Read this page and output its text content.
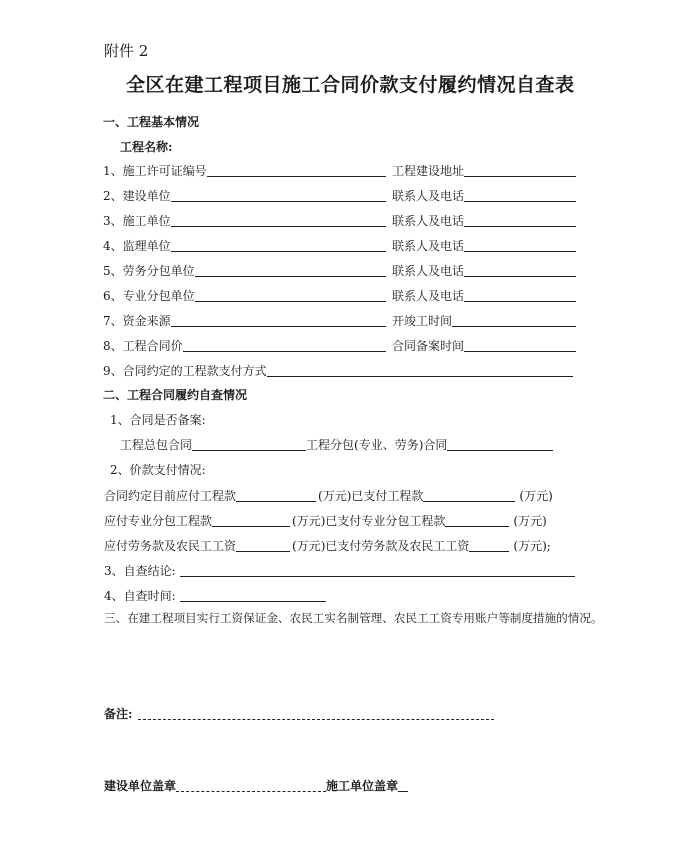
附件 2
全区在建工程项目施工合同价款支付履约情况自查表
一、工程基本情况
工程名称:
1、施工许可证编号	工程建设地址
2、建设单位	联系人及电话
3、施工单位	联系人及电话
4、监理单位	联系人及电话
5、劳务分包单位	联系人及电话
6、专业分包单位	联系人及电话
7、资金来源	开竣工时间
8、工程合同价	合同备案时间
9、合同约定的工程款支付方式
二、工程合同履约自查情况
1、合同是否备案:
工程总包合同	工程分包(专业、劳务)合同
2、价款支付情况:
合同约定目前应付工程款	(万元) 已支付工程款	(万元)
应付专业分包工程款	(万元) 已支付专业分包工程款	(万元)
应付劳务款及农民工工资	(万元) 已支付劳务款及农民工工资	(万元);
3、自查结论:
4、自查时间:
三、在建工程项目实行工资保证金、农民工实名制管理、农民工工资专用账户等制度措施的情况。
备注:
建设单位盖章	施工单位盖章
